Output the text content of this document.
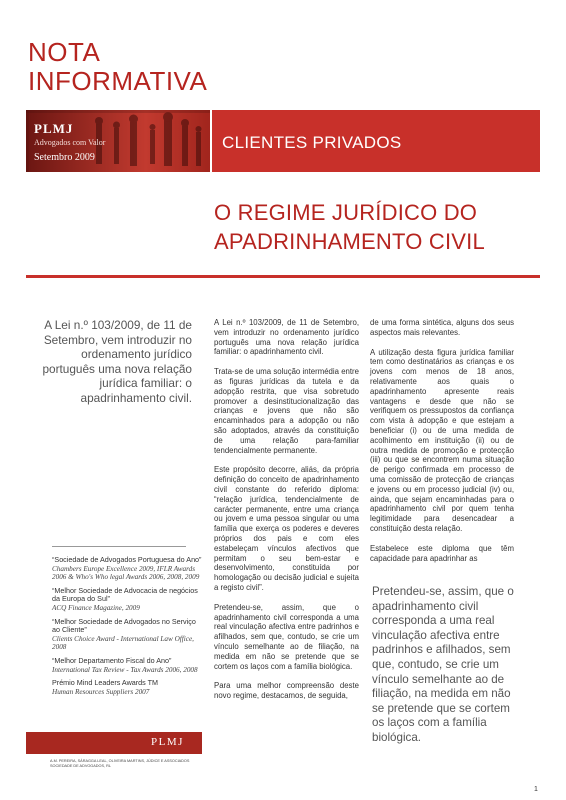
NOTA
INFORMATIVA
PLMJ
Advogados com Valor
Setembro 2009
CLIENTES PRIVADOS
O REGIME JURÍDICO DO
APADRINHAMENTO CIVIL
A Lei n.º 103/2009, de 11 de Setembro, vem introduzir no ordenamento jurídico português uma nova relação jurídica familiar: o apadrinhamento civil.
“Sociedade de Advogados Portuguesa do Ano”
Chambers Europe Excellence 2009, IFLR Awards 2006 & Who's Who legal Awards 2006, 2008, 2009
“Melhor Sociedade de Advocacia de negócios da Europa do Sul”
ACQ Finance Magazine, 2009
“Melhor Sociedade de Advogados no Serviço ao Cliente”
Clients Choice Award - International Law Office, 2008
“Melhor Departamento Fiscal do Ano”
International Tax Review - Tax Awards 2006, 2008
Prémio Mind Leaders Awards TM
Human Resources Suppliers 2007
PLMJ
A.M. PEREIRA, SÁRAGGA LEAL, OLIVEIRA MARTINS, JÚDICE E ASSOCIADOS
SOCIEDADE DE ADVOGADOS, RL

A Lei n.º 103/2009, de 11 de Setembro, vem introduzir no ordenamento jurídico português uma nova relação jurídica familiar: o apadrinhamento civil.

Trata-se de uma solução intermédia entre as figuras jurídicas da tutela e da adopção restrita, que visa sobretudo promover a desinstitucionalização das crianças e jovens que não são encaminhados para a adopção ou não são adoptados, através da constituição de uma relação para-familiar tendencialmente permanente.

Este propósito decorre, aliás, da própria definição do conceito de apadrinhamento civil constante do referido diploma: “relação jurídica, tendencialmente de carácter permanente, entre uma criança ou jovem e uma pessoa singular ou uma família que exerça os poderes e deveres próprios dos pais e com eles estabeleçam vínculos afectivos que permitam o seu bem-estar e desenvolvimento, constituída por homologação ou decisão judicial e sujeita a registo civil”.

Pretendeu-se, assim, que o apadrinhamento civil corresponda a uma real vinculação afectiva entre padrinhos e afilhados, sem que, contudo, se crie um vínculo semelhante ao de filiação, na medida em não se pretende que se cortem os laços com a família biológica.

Para uma melhor compreensão deste novo regime, destacamos, de seguida,

de uma forma sintética, alguns dos seus aspectos mais relevantes.

A utilização desta figura jurídica familiar tem como destinatários as crianças e os jovens com menos de 18 anos, relativamente aos quais o apadrinhamento apresente reais vantagens e desde que não se verifiquem os pressupostos da confiança com vista à adopção e que estejam a beneficiar (i) ou de uma medida de acolhimento em instituição (ii) ou de outra medida de promoção e protecção (iii) ou que se encontrem numa situação de perigo confirmada em processo de uma comissão de protecção de crianças e jovens ou em processo judicial (iv) ou, ainda, que sejam encaminhadas para o apadrinhamento civil por quem tenha legitimidade para desencadear a constituição desta relação.

Estabelece este diploma que têm capacidade para apadrinhar as

Pretendeu-se, assim, que o apadrinhamento civil corresponda a uma real vinculação afectiva entre padrinhos e afilhados, sem que, contudo, se crie um vínculo semelhante ao de filiação, na medida em não se pretende que se cortem os laços com a família biológica.
1
